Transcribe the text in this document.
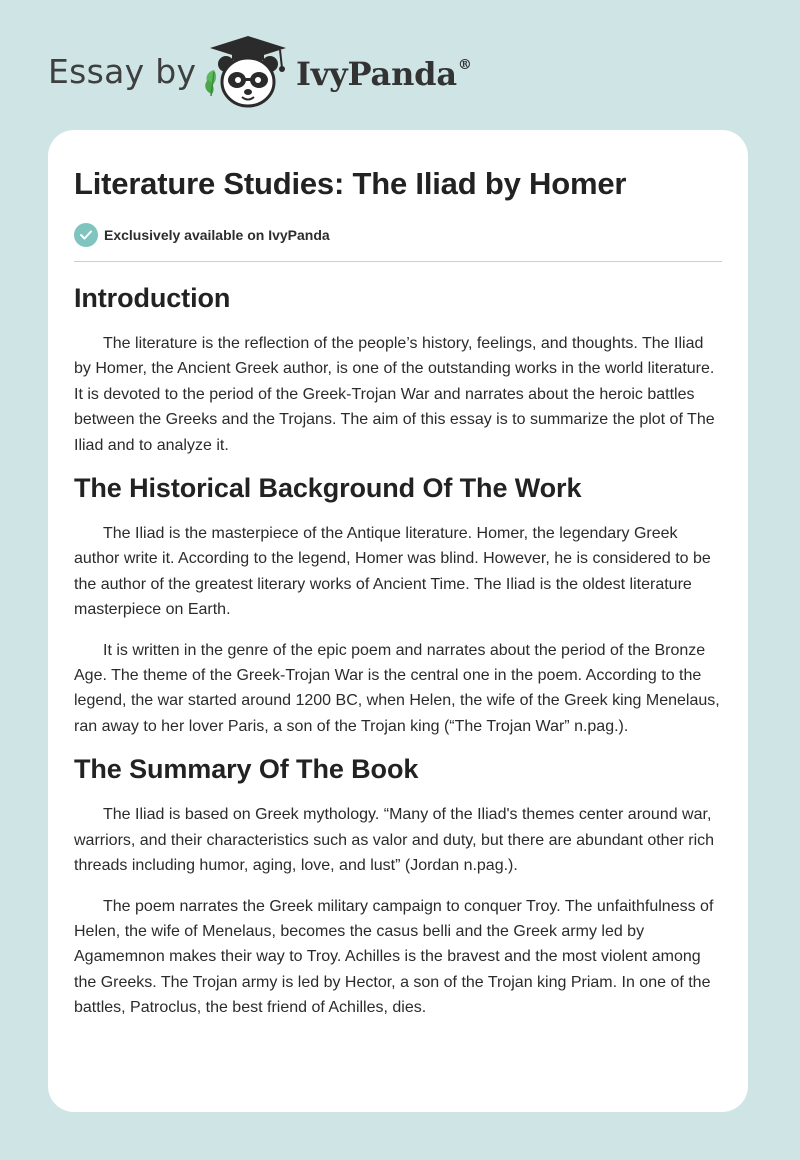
Essay by	IvyPanda®
Literature Studies: The Iliad by Homer
Exclusively available on IvyPanda
Introduction

The literature is the reflection of the people’s history, feelings, and thoughts. The Iliad by Homer, the Ancient Greek author, is one of the outstanding works in the world literature. It is devoted to the period of the Greek-Trojan War and narrates about the heroic battles between the Greeks and the Trojans. The aim of this essay is to summarize the plot of The Iliad and to analyze it.

The Historical Background Of The Work

The Iliad is the masterpiece of the Antique literature. Homer, the legendary Greek author write it. According to the legend, Homer was blind. However, he is considered to be the author of the greatest literary works of Ancient Time. The Iliad is the oldest literature masterpiece on Earth.

It is written in the genre of the epic poem and narrates about the period of the Bronze Age. The theme of the Greek-Trojan War is the central one in the poem. According to the legend, the war started around 1200 BC, when Helen, the wife of the Greek king Menelaus, ran away to her lover Paris, a son of the Trojan king (“The Trojan War” n.pag.).

The Summary Of The Book

The Iliad is based on Greek mythology. “Many of the Iliad's themes center around war, warriors, and their characteristics such as valor and duty, but there are abundant other rich threads including humor, aging, love, and lust” (Jordan n.pag.).

The poem narrates the Greek military campaign to conquer Troy. The unfaithfulness of Helen, the wife of Menelaus, becomes the casus belli and the Greek army led by Agamemnon makes their way to Troy. Achilles is the bravest and the most violent among the Greeks. The Trojan army is led by Hector, a son of the Trojan king Priam. In one of the battles, Patroclus, the best friend of Achilles, dies.
